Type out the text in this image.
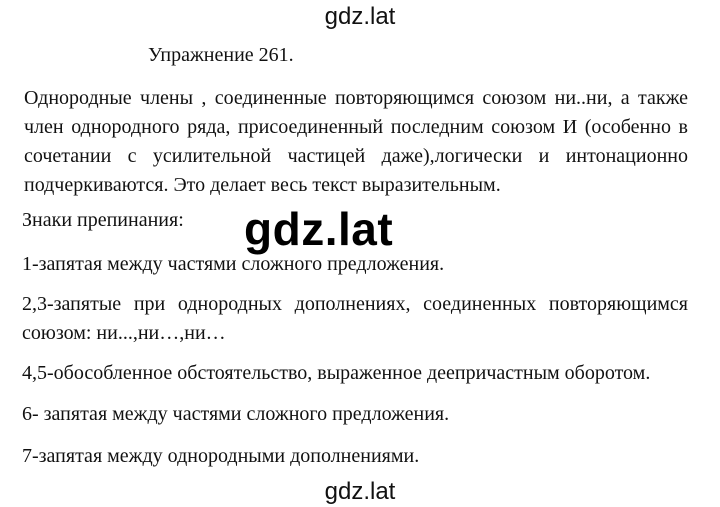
gdz.lat
Упражнение 261.
Однородные члены , соединенные повторяющимся союзом ни..ни, а также
член однородного ряда, присоединенный последним союзом И (особенно в
сочетании с усилительной частицей даже),логически и интонационно
подчеркиваются. Это делает весь текст выразительным.
Знаки препинания:
1-запятая между частями сложного предложения.
2,3-запятые при однородных дополнениях, соединенных повторяющимся
союзом: ни...,ни…,ни…
4,5-обособленное обстоятельство, выраженное деепричастным оборотом.
6- запятая между частями сложного предложения.
7-запятая между однородными дополнениями.
gdz.lat
gdz.lat
